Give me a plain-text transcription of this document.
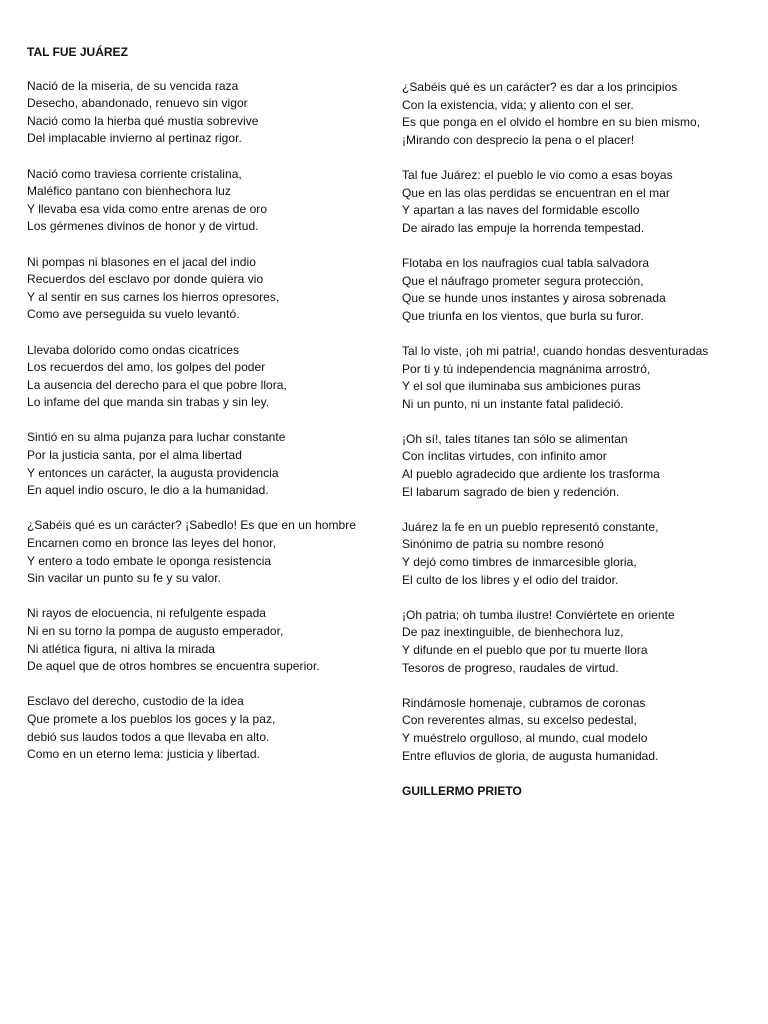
TAL FUE JUÁREZ
Nació de la miseria, de su vencida raza
Desecho, abandonado, renuevo sin vigor
Nació como la hierba qué mustia sobrevive
Del implacable invierno al pertinaz rigor.
Nació como traviesa corriente cristalina,
Maléfico pantano con bienhechora luz
Y llevaba esa vida como entre arenas de oro
Los gérmenes divinos de honor y de virtud.
Ni pompas ni blasones en el jacal del indio
Recuerdos del esclavo por donde quiera vio
Y al sentir en sus carnes los hierros opresores,
Como ave perseguida su vuelo levantó.
Llevaba dolorido como ondas cicatrices
Los recuerdos del amo, los golpes del poder
La ausencia del derecho para el que pobre llora,
Lo infame del que manda sin trabas y sin ley.
Sintió en su alma pujanza para luchar constante
Por la justicia santa, por el alma libertad
Y entonces un carácter, la augusta providencia
En aquel indio oscuro, le dio a la humanidad.
¿Sabéis qué es un carácter? ¡Sabedlo! Es que en un hombre
Encarnen como en bronce las leyes del honor,
Y entero a todo embate le oponga resistencia
Sin vacilar un punto su fe y su valor.
Ni rayos de elocuencia, ni refulgente espada
Ni en su torno la pompa de augusto emperador,
Ni atlética figura, ni altiva la mirada
De aquel que de otros hombres se encuentra superior.
Esclavo del derecho, custodio de la idea
Que promete a los pueblos los goces y la paz,
debió sus laudos todos a que llevaba en alto.
Como en un eterno lema: justicia y libertad.
¿Sabéis qué es un carácter? es dar a los principios
Con la existencia, vida; y aliento con el ser.
Es que ponga en el olvido el hombre en su bien mismo,
¡Mirando con desprecio la pena o el placer!
Tal fue Juárez: el pueblo le vio como a esas boyas
Que en las olas perdidas se encuentran en el mar
Y apartan a las naves del formidable escollo
De airado las empuje la horrenda tempestad.
Flotaba en los naufragios cual tabla salvadora
Que el náufrago prometer segura protección,
Que se hunde unos instantes y airosa sobrenada
Que triunfa en los vientos, que burla su furor.
Tal lo viste, ¡oh mi patria!, cuando hondas desventuradas
Por ti y tú independencia magnánima arrostró,
Y el sol que iluminaba sus ambiciones puras
Ni un punto, ni un instante fatal palideció.
¡Oh sí!, tales titanes tan sólo se alimentan
Con ínclitas virtudes, con infinito amor
Al pueblo agradecido que ardiente los trasforma
El labarum sagrado de bien y redención.
Juárez la fe en un pueblo representó constante,
Sinónimo de patria su nombre resonó
Y dejó como timbres de inmarcesible gloria,
El culto de los libres y el odio del traidor.
¡Oh patria; oh tumba ilustre! Conviértete en oriente
De paz inextinguible, de bienhechora luz,
Y difunde en el pueblo que por tu muerte llora
Tesoros de progreso, raudales de virtud.
Rindámosle homenaje, cubramos de coronas
Con reverentes almas, su excelso pedestal,
Y muéstrelo orgulloso, al mundo, cual modelo
Entre efluvios de gloria, de augusta humanidad.
GUILLERMO PRIETO
